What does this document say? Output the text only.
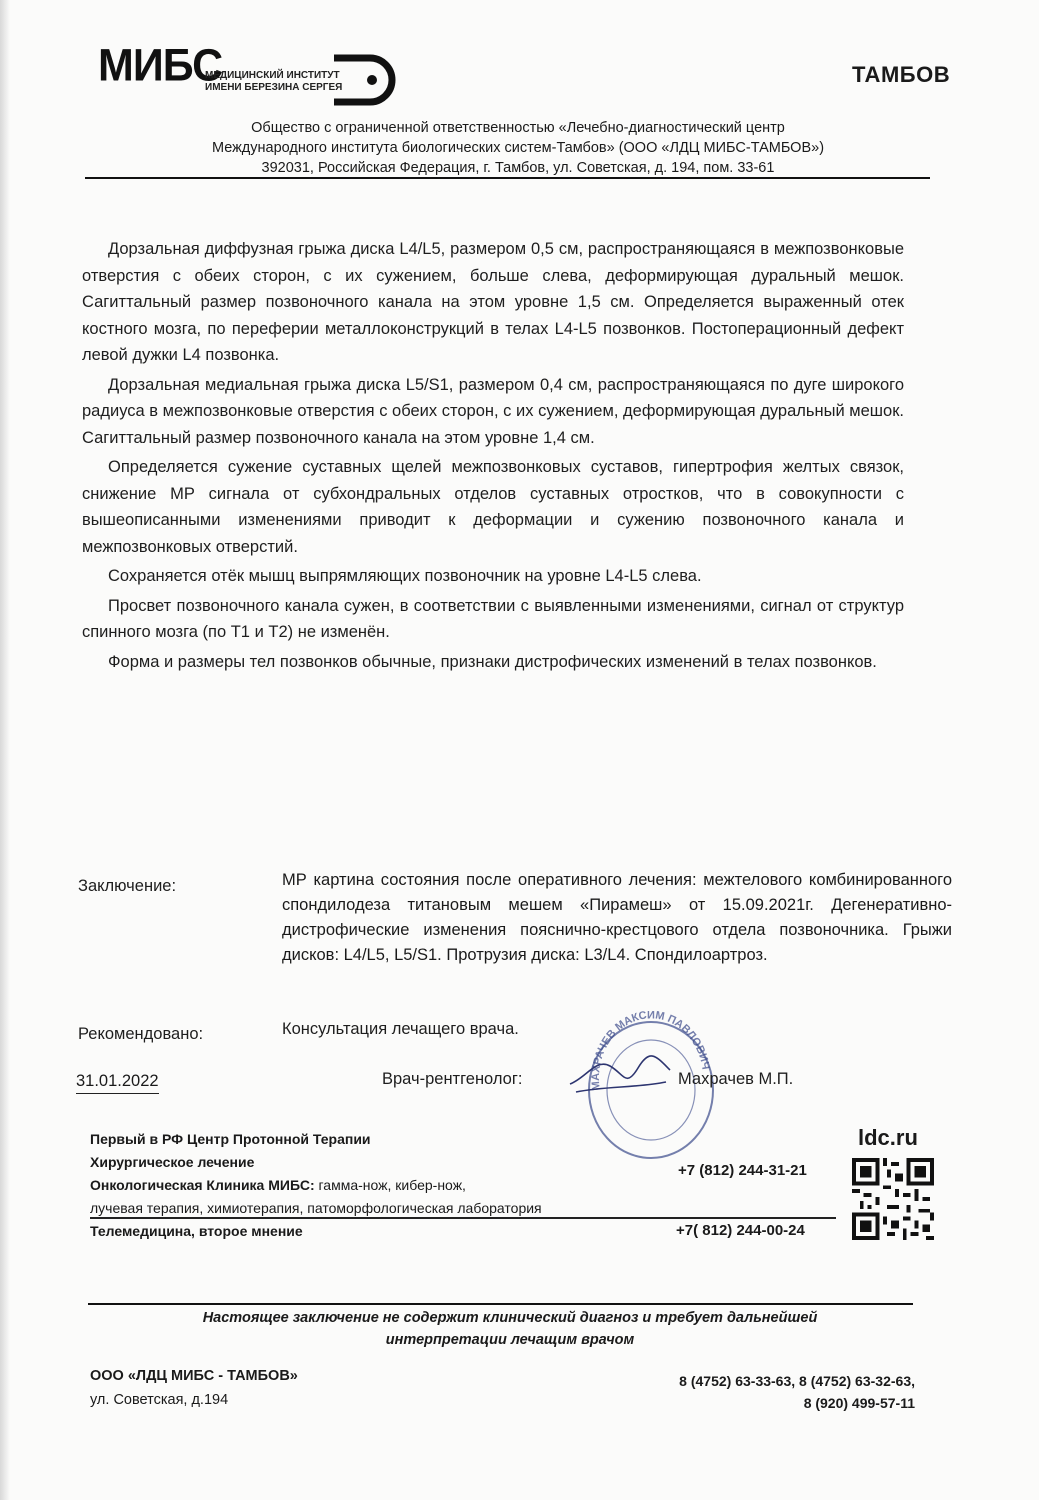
МИБС
МЕДИЦИНСКИЙ ИНСТИТУТ
ИМЕНИ БЕРЕЗИНА СЕРГЕЯ
ТАМБОВ
Общество с ограниченной ответственностью «Лечебно-диагностический центр
Международного института биологических систем-Тамбов» (ООО «ЛДЦ МИБС-ТАМБОВ»)
392031, Российская Федерация, г. Тамбов, ул. Советская, д. 194, пом. 33-61

Дорзальная диффузная грыжа диска L4/L5, размером 0,5 см, распространяющаяся в межпозвонковые отверстия с обеих сторон, с их сужением, больше слева, деформирующая дуральный мешок. Сагиттальный размер позвоночного канала на этом уровне 1,5 см. Определяется выраженный отек костного мозга, по переферии металлоконструкций в телах L4-L5 позвонков. Постоперационный дефект левой дужки L4 позвонка.

Дорзальная медиальная грыжа диска L5/S1, размером 0,4 см, распространяющаяся по дуге широкого радиуса в межпозвонковые отверстия с обеих сторон, с их сужением, деформирующая дуральный мешок. Сагиттальный размер позвоночного канала на этом уровне 1,4 см.

Определяется сужение суставных щелей межпозвонковых суставов, гипертрофия желтых связок, снижение МР сигнала от субхондральных отделов суставных отростков, что в совокупности с вышеописанными изменениями приводит к деформации и сужению позвоночного канала и межпозвонковых отверстий.

Сохраняется отёк мышц выпрямляющих позвоночник на уровне L4-L5 слева.

Просвет позвоночного канала сужен, в соответствии с выявленными изменениями, сигнал от структур спинного мозга (по Т1 и Т2) не изменён.

Форма и размеры тел позвонков обычные, признаки дистрофических изменений в телах позвонков.

Заключение:	МР картина состояния после оперативного лечения: межтелового комбинированного спондилодеза титановым мешем «Пирамеш» от 15.09.2021г. Дегенеративно-дистрофические изменения пояснично-крестцового отдела позвоночника. Грыжи дисков: L4/L5, L5/S1. Протрузия диска: L3/L4. Спондилоартроз.
Рекомендовано:	Консультация лечащего врача.
МАХРАЧЕВ МАКСИМ ПАВЛОВИЧ
31.01.2022	Врач-рентгенолог:	Махрачев М.П.
Первый в РФ Центр Протонной Терапии
Хирургическое лечение
Онкологическая Клиника МИБС: гамма-нож, кибер-нож,
лучевая терапия, химиотерапия, патоморфологическая лаборатория
Телемедицина, второе мнение
ldc.ru
+7 (812) 244-31-21
+7( 812) 244-00-24
Настоящее заключение не содержит клинический диагноз и требует дальнейшей
интерпретации лечащим врачом
ООО «ЛДЦ МИБС - ТАМБОВ»
ул. Советская, д.194
8 (4752) 63-33-63, 8 (4752) 63-32-63,
8 (920) 499-57-11
